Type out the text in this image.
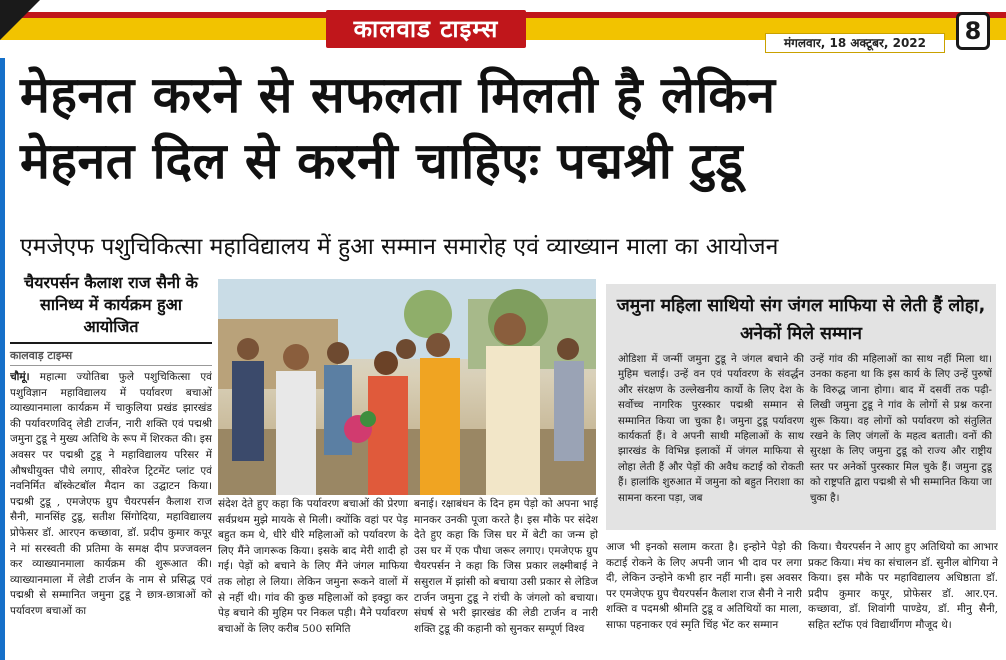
कालवाड टाइम्स	मंगलवार, 18 अक्टूबर, 2022	8
मेहनत करने से सफलता मिलती है लेकिन
मेहनत दिल से करनी चाहिएः पद्मश्री टुडू
एमजेएफ पशुचिकित्सा महाविद्यालय में हुआ सम्मान समारोह एवं व्याख्यान माला का आयोजन
चैयरपर्सन कैलाश राज सैनी के सानिध्य में कार्यक्रम हुआ आयोजित
कालवाड़ टाइम्स
चौमूं। महात्मा ज्योतिबा फुले पशुचिकित्सा एवं पशुविज्ञान महाविद्यालय में पर्यावरण बचाओं व्याख्यानमाला कार्यक्रम में चाकुलिया प्रखंड झारखंड की पर्यावरणविद् लेडी टार्जन, नारी शक्ति एवं पद्मश्री जमुना टुडू ने मुख्य अतिथि के रूप में शिरकत की। इस अवसर पर पद्मश्री टुडू ने महाविद्यालय परिसर में औषधीयुक्त पौधे लगाए, सीवरेज ट्रिटमेंट प्लांट एवं नवनिर्मित बॉस्केटबॉल मैदान का उद्घाटन किया। पद्मश्री टुडू , एमजेएफ ग्रुप चैयरपर्सन कैलाश राज सैनी, मानसिंह टुडू, सतीश सिंगोदिया, महाविद्यालय प्रोफेसर डॉ. आरएन कच्छावा, डॉ. प्रदीप कुमार कपूर ने मां सरस्वती की प्रतिमा के समक्ष दीप प्रज्जवलन कर व्याख्यानमाला कार्यक्रम की शुरूआत की। व्याख्यानमाला में लेडी टार्जन के नाम से प्रसिद्ध एवं पद्मश्री से सम्मानित जमुना टुडू ने छात्र-छात्राओं को पर्यावरण बचाओं का
संदेश देते हुए कहा कि पर्यावरण बचाओं की प्रेरणा सर्वप्रथम मुझे मायके से मिली। क्योंकि वहां पर पेड़ बहुत कम थे, धीरे धीरे महिलाओं को पर्यावरण के लिए मैंने जागरूक किया। इसके बाद मेरी शादी हो गई। पेड़ों को बचाने के लिए मैंने जंगल माफिया तक लोहा ले लिया। लेकिन जमुना रूकने वालों में से नहीं थी। गांव की कुछ महिलाओं को इक्ट्ठा कर पेड़ बचाने की मुहिम पर निकल पड़ी। मैने पर्यावरण बचाओं के लिए करीब 500 समिति
बनाई। रक्षाबंधन के दिन हम पेड़ो को अपना भाई मानकर उनकी पूजा करते है। इस मौके पर संदेश देते हुए कहा कि जिस घर में बेटी का जन्म हो उस घर में एक पौधा जरूर लगाए। एमजेएफ ग्रुप चैयरपर्सन ने कहा कि जिस प्रकार लक्ष्मीबाई ने ससुराल में झांसी को बचाया उसी प्रकार से लेडिज टार्जन जमुना टुडू ने रांची के जंगलो को बचाया। संघर्ष से भरी झारखंड की लेडी टार्जन व नारी शक्ति टुडू की कहानी को सुनकर सम्पूर्ण विश्व
जमुना महिला साथियो संग जंगल माफिया से लेती हैं लोहा, अनेकों मिले सम्मान
ओडिशा में जन्मीं जमुना टुडू ने जंगल बचाने की मुहिम चलाई। उन्हें वन एवं पर्यावरण के संवर्द्धन और संरक्षण के उल्लेखनीय कार्यो के लिए देश के सर्वोच्च नागरिक पुरस्कार पद्मश्री सम्मान से सम्मानित किया जा चुका है। जमुना टुडू पर्यावरण कार्यकर्ता हैं। वे अपनी साथी महिलाओं के साथ झारखंड के विभिन्न इलाकों में जंगल माफिया से लोहा लेती हैं और पेड़ों की अवैध कटाई को रोकती हैं। हालांकि शुरुआत में जमुना को बहुत निराशा का सामना करना पड़ा, जब
उन्हें गांव की महिलाओं का साथ नहीं मिला था। उनका कहना था कि इस कार्य के लिए उन्हें पुरुषों के विरुद्ध जाना होगा। बाद में दसवीं तक पढ़ी-लिखी जमुना टुडू ने गांव के लोगों से प्रश्न करना शुरू किया। वह लोगों को पर्यावरण को संतुलित रखने के लिए जंगलों के महत्व बताती। वनों की सुरक्षा के लिए जमुना टुडू को राज्य और राष्ट्रीय स्तर पर अनेकों पुरस्कार मिल चुके हैं। जमुना टुडू को राष्ट्रपति द्वारा पद्मश्री से भी सम्मानित किया जा चुका है।
आज भी इनको सलाम करता है। इन्होने पेड़ो की कटाई रोकने के लिए अपनी जान भी दाव पर लगा दी, लेकिन उन्होने कभी हार नहीं मानी। इस अवसर पर एमजेएफ ग्रुप चैयरपर्सन कैलाश राज सैनी ने नारी शक्ति व पदमश्री श्रीमति टुडू व अतिथियों का माला, साफा पहनाकर एवं स्मृति चिंह भेंट कर सम्मान
किया। चैयरपर्सन ने आए हुए अतिथियो का आभार प्रकट किया। मंच का संचालन डॉ. सुनील बोगिया ने किया। इस मौके पर महाविद्यालय अधिष्ठाता डॉ. प्रदीप कुमार कपूर, प्रोफेसर डॉ. आर.एन. कच्छावा, डॉ. शिवांगी पाण्डेय, डॉ. मीनु सैनी, सहित स्टॉफ एवं विद्यार्थीगण मौजूद थे।
